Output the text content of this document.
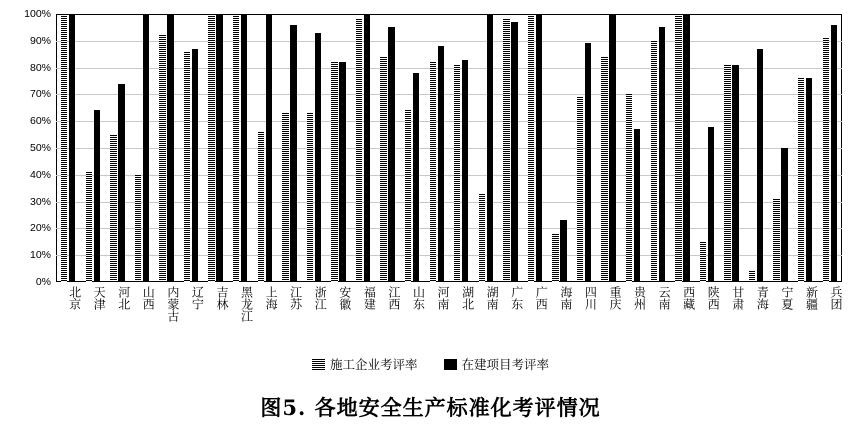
0%
10%
20%
30%
40%
50%
60%
70%
80%
90%
100%
北京 天津 河北 山西 内蒙古 辽宁 吉林 黑龙江 上海 江苏 浙江 安徽 福建 江西 山东 河南 湖北 湖南 广东 广西 海南 四川 重庆 贵州 云南 西藏 陕西 甘肃 青海 宁夏 新疆 兵团
施工企业考评率	在建项目考评率
图5. 各地安全生产标准化考评情况
